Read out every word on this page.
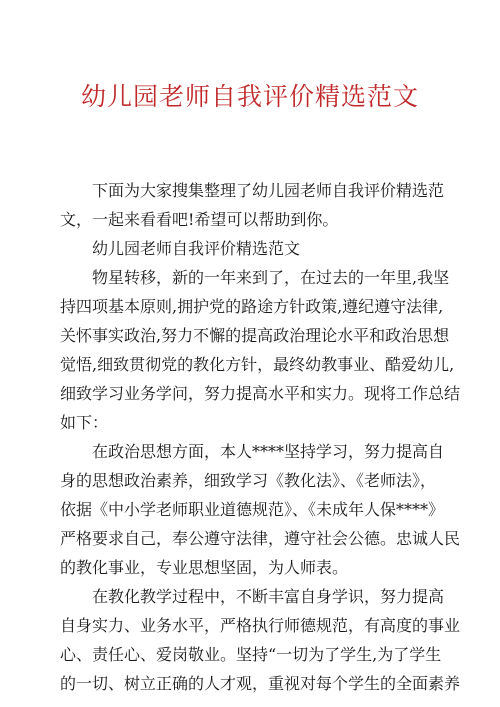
幼儿园老师自我评价精选范文
下面为大家搜集整理了幼儿园老师自我评价精选范
文，一起来看看吧!希望可以帮助到你。
幼儿园老师自我评价精选范文
物星转移，新的一年来到了，在过去的一年里,我坚
持四项基本原则,拥护党的路途方针政策,遵纪遵守法律,
关怀事实政治,努力不懈的提高政治理论水平和政治思想
觉悟,细致贯彻党的教化方针，最终幼教事业、酷爱幼儿,
细致学习业务学问，努力提高水平和实力。现将工作总结
如下：
在政治思想方面，本人****坚持学习，努力提高自
身的思想政治素养，细致学习《教化法》、《老师法》，
依据《中小学老师职业道德规范》、《未成年人保****》
严格要求自己，奉公遵守法律，遵守社会公德。忠诚人民
的教化事业，专业思想坚固，为人师表。
在教化教学过程中，不断丰富自身学识，努力提高
自身实力、业务水平，严格执行师德规范，有高度的事业
心、责任心、爱岗敬业。坚持“一切为了学生,为了学生
的一切、树立正确的人才观，重视对每个学生的全面素养
